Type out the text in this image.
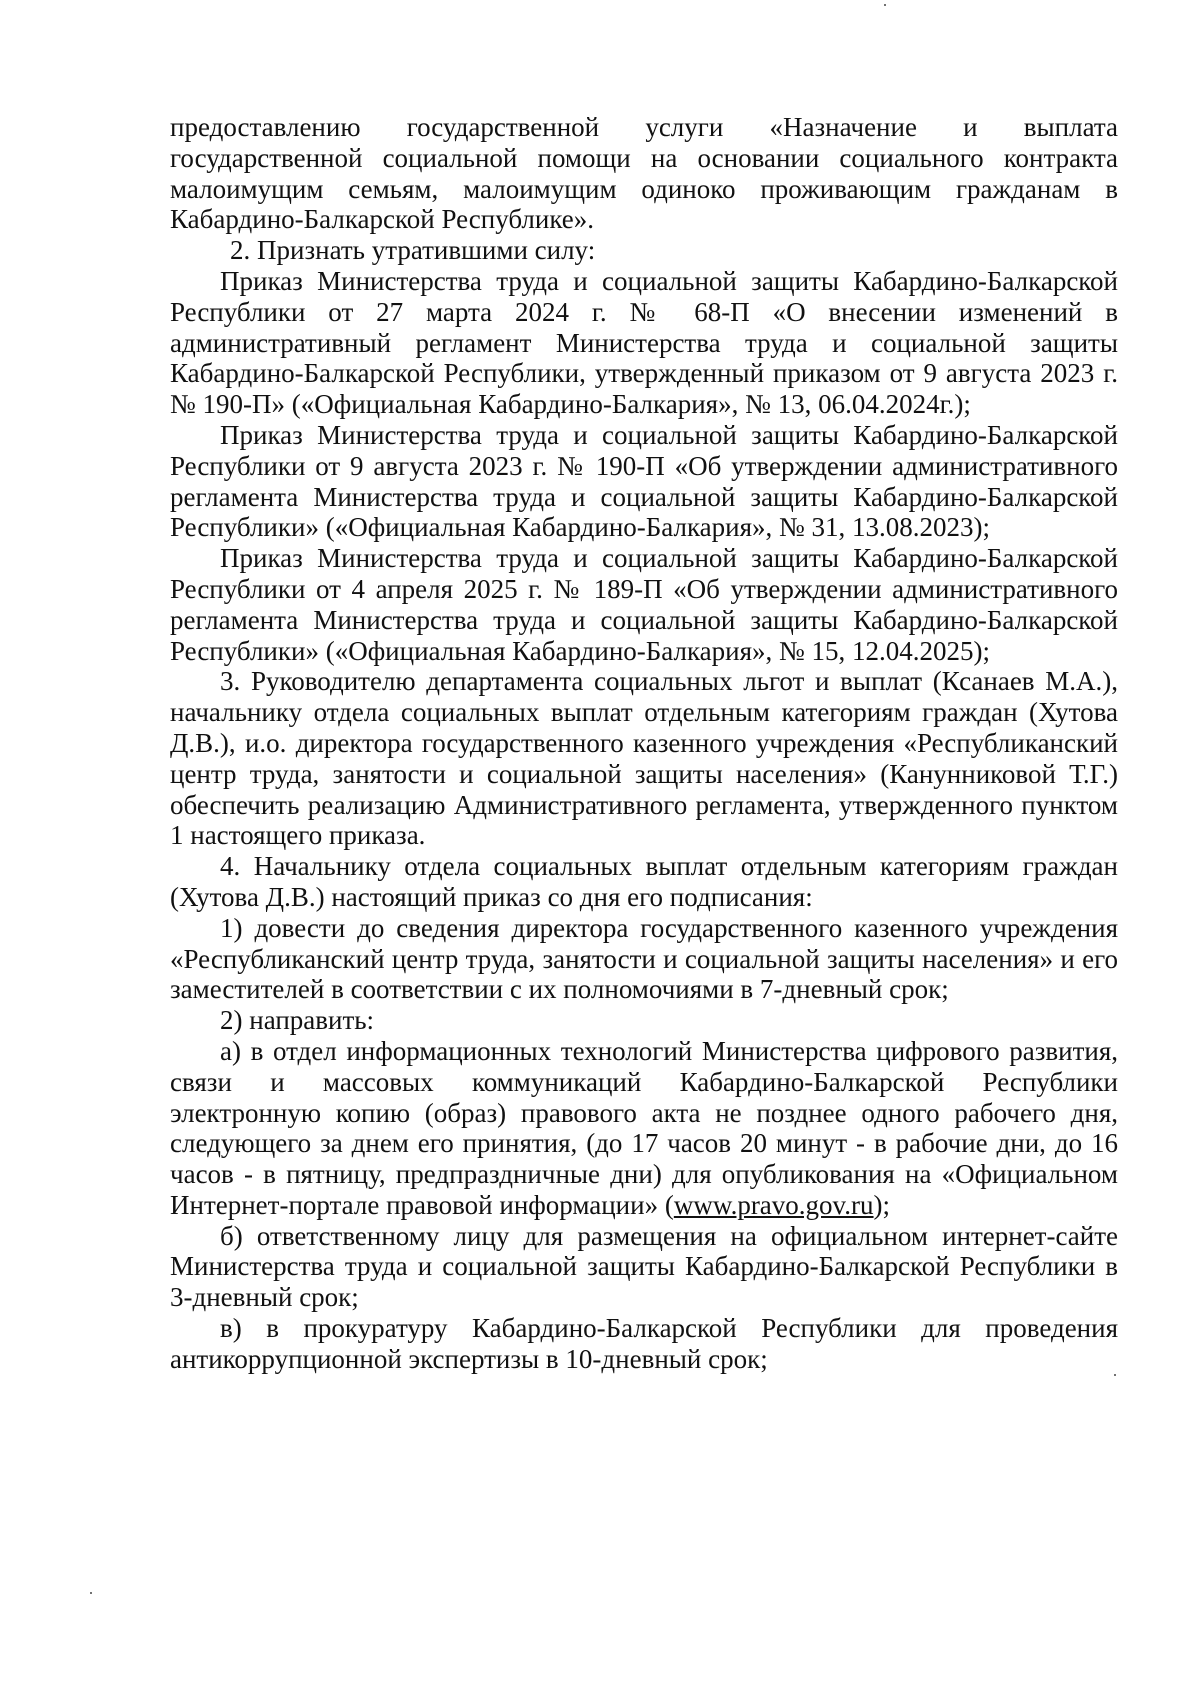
предоставлению государственной услуги «Назначение и выплата государственной социальной помощи на основании социального контракта малоимущим семьям, малоимущим одиноко проживающим гражданам в Кабардино-Балкарской Республике».

2. Признать утратившими силу:

Приказ Министерства труда и социальной защиты Кабардино-Балкарской Республики от 27 марта 2024 г. № 68-П «О внесении изменений в административный регламент Министерства труда и социальной защиты Кабардино-Балкарской Республики, утвержденный приказом от 9 августа 2023 г. № 190-П» («Официальная Кабардино-Балкария», № 13, 06.04.2024г.);

Приказ Министерства труда и социальной защиты Кабардино-Балкарской Республики от 9 августа 2023 г. № 190-П «Об утверждении административного регламента Министерства труда и социальной защиты Кабардино-Балкарской Республики» («Официальная Кабардино-Балкария», № 31, 13.08.2023);

Приказ Министерства труда и социальной защиты Кабардино-Балкарской Республики от 4 апреля 2025 г. № 189-П «Об утверждении административного регламента Министерства труда и социальной защиты Кабардино-Балкарской Республики» («Официальная Кабардино-Балкария», № 15, 12.04.2025);

3. Руководителю департамента социальных льгот и выплат (Ксанаев М.А.), начальнику отдела социальных выплат отдельным категориям граждан (Хутова Д.В.), и.о. директора государственного казенного учреждения «Республиканский центр труда, занятости и социальной защиты населения» (Канунниковой Т.Г.) обеспечить реализацию Административного регламента, утвержденного пунктом 1 настоящего приказа.

4. Начальнику отдела социальных выплат отдельным категориям граждан (Хутова Д.В.) настоящий приказ со дня его подписания:

1) довести до сведения директора государственного казенного учреждения «Республиканский центр труда, занятости и социальной защиты населения» и его заместителей в соответствии с их полномочиями в 7-дневный срок;

2) направить:

а) в отдел информационных технологий Министерства цифрового развития, связи и массовых коммуникаций Кабардино-Балкарской Республики электронную копию (образ) правового акта не позднее одного рабочего дня, следующего за днем его принятия, (до 17 часов 20 минут - в рабочие дни, до 16 часов - в пятницу, предпраздничные дни) для опубликования на «Официальном Интернет-портале правовой информации» (www.pravo.gov.ru);

б) ответственному лицу для размещения на официальном интернет-сайте Министерства труда и социальной защиты Кабардино-Балкарской Республики в 3-дневный срок;

в) в прокуратуру Кабардино-Балкарской Республики для проведения антикоррупционной экспертизы в 10-дневный срок;
